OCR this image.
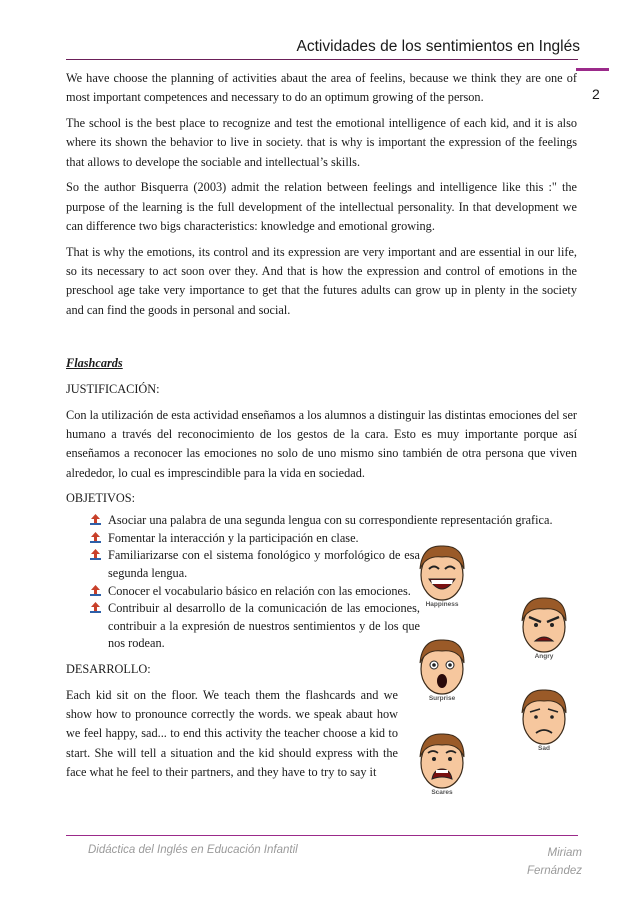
Actividades de los sentimientos en Inglés
2

We have choose the planning of activities abaut the area of feelins, because we think they are one of most important competences and necessary to do an optimum growing of the person.

The school is the best place to recognize and test the emotional intelligence of each kid, and it is also where its shown the behavior to live in society. that is why is important the expression of the feelings that allows to develope the sociable and intellectual’s skills.

So the author Bisquerra (2003) admit the relation between feelings and intelligence like this :" the purpose of the learning is the full development of the intellectual personality. In that development we can difference two bigs characteristics: knowledge and emotional growing.

That is why the emotions, its control and its expression are very important and are essential in our life, so its necessary to act soon over they. And that is how the expression and control of emotions in the preschool age take very importance to get that the futures adults can grow up in plenty in the society and can find the goods in personal and social.

Flashcards

JUSTIFICACIÓN:

Con la utilización de esta actividad enseñamos a los alumnos a distinguir las distintas emociones del ser humano a través del reconocimiento de los gestos de la cara. Esto es muy importante porque así enseñamos a reconocer las emociones no solo de uno mismo sino también de otra persona que viven alrededor, lo cual es imprescindible para la vida en sociedad.

OBJETIVOS:

Asociar una palabra de una segunda lengua con su correspondiente representación grafica.
Fomentar la interacción y la participación en clase.
Familiarizarse con el sistema fonológico y morfológico de esa segunda lengua.
Conocer el vocabulario básico en relación con las emociones.
Contribuir al desarrollo de la comunicación de las emociones, contribuir a la expresión de nuestros sentimientos y de los que nos rodean.

DESARROLLO:

Each kid sit on the floor. We teach them the flashcards and we show how to pronounce correctly the words. we speak abaut how we feel happy, sad... to end this activity the teacher choose a kid to start. She will tell a situation and the kid should express with the face what he feel to their partners, and they have to try to say it

Happiness
Angry
Surprise
Sad
Scares
Didáctica del Inglés en Educación Infantil	Miriam
Fernández
